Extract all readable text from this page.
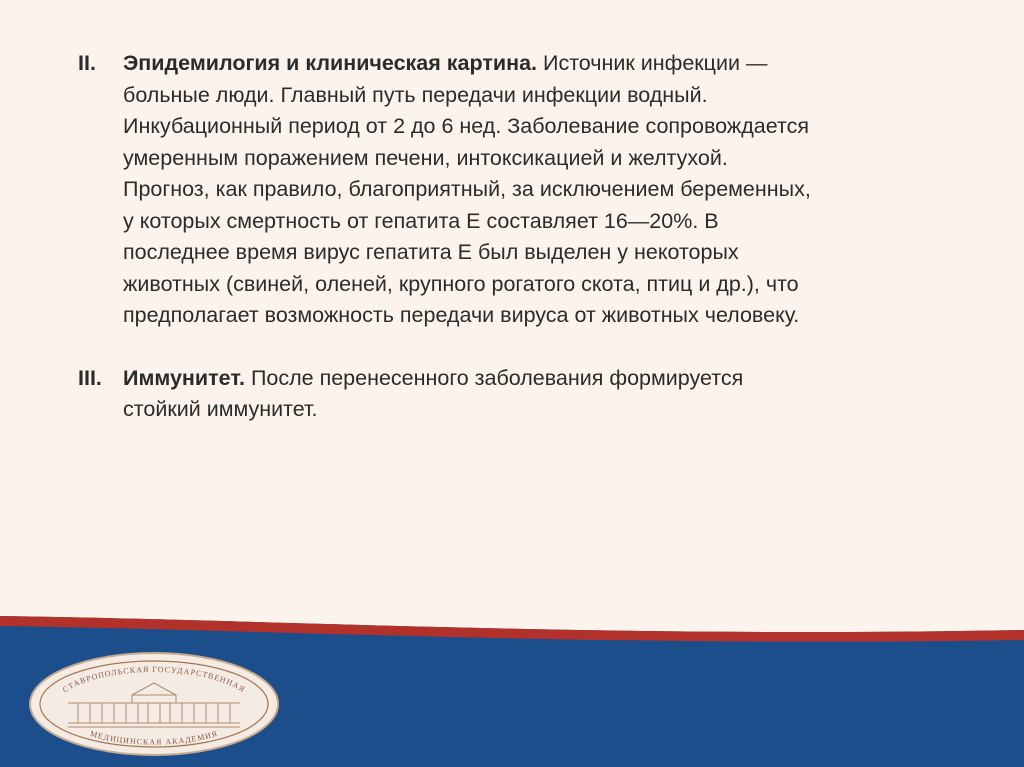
II.	Эпидемилогия и клиническая картина. Источник инфекции — больные люди. Главный путь передачи инфекции водный. Инкубационный период от 2 до 6 нед. Заболевание сопровождается умеренным поражением печени, интоксикацией и желтухой. Прогноз, как правило, благоприятный, за исключением беременных, у которых смертность от гепатита Е составляет 16—20%. В последнее время вирус гепатита Е был выделен у некоторых животных (свиней, оленей, крупного рогатого скота, птиц и др.), что предполагает возможность передачи вируса от животных человеку.
III. Иммунитет. После перенесенного заболевания формируется стойкий иммунитет.
СТАВРОПОЛЬСКАЯ ГОСУДАРСТВЕННАЯ
МЕДИЦИНСКАЯ АКАДЕМИЯ
